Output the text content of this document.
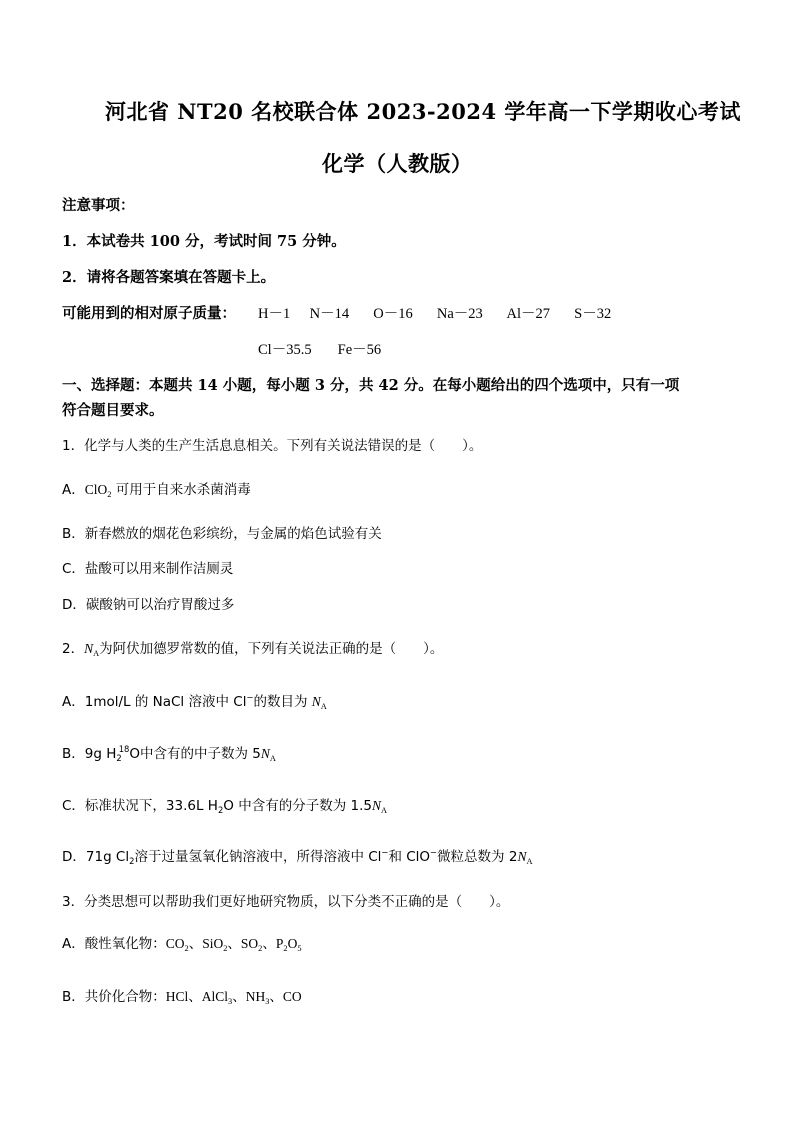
河北省 NT20 名校联合体 2023-2024 学年高一下学期收心考试
化学（人教版）
注意事项：
1．本试卷共 100 分，考试时间 75 分钟。
2．请将各题答案填在答题卡上。
可能用到的相对原子质量： H－1 N－14 O－16 Na－23 Al－27 S－32
Cl－35.5 Fe－56
一、选择题：本题共 14 小题，每小题 3 分，共 42 分。在每小题给出的四个选项中，只有一项
符合题目要求。
1．化学与人类的生产生活息息相关。下列有关说法错误的是（　　）。
A．ClO$_2$ 可用于自来水杀菌消毒
B．新春燃放的烟花色彩缤纷，与金属的焰色试验有关
C．盐酸可以用来制作洁厕灵
D．碳酸钠可以治疗胃酸过多
2．$N_A$为阿伏加德罗常数的值，下列有关说法正确的是（　　）。
A．1mol/L 的 NaCl 溶液中 Cl−的数目为 $N_A$
B．9g $H_2^{18}O$中含有的中子数为 $5N_A$
C．标准状况下，33.6L $H_2O$ 中含有的分子数为 $1.5N_A$
D．71g $Cl_2$溶于过量氢氧化钠溶液中，所得溶液中 Cl−和 ClO−微粒总数为 $2N_A$
3．分类思想可以帮助我们更好地研究物质，以下分类不正确的是（　　）。
A．酸性氧化物：$CO_2$、SiO$_2$、$SO_2$、$P_2O_5$
B．共价化合物：HCl、AlCl$_3$、$NH_3$、CO
